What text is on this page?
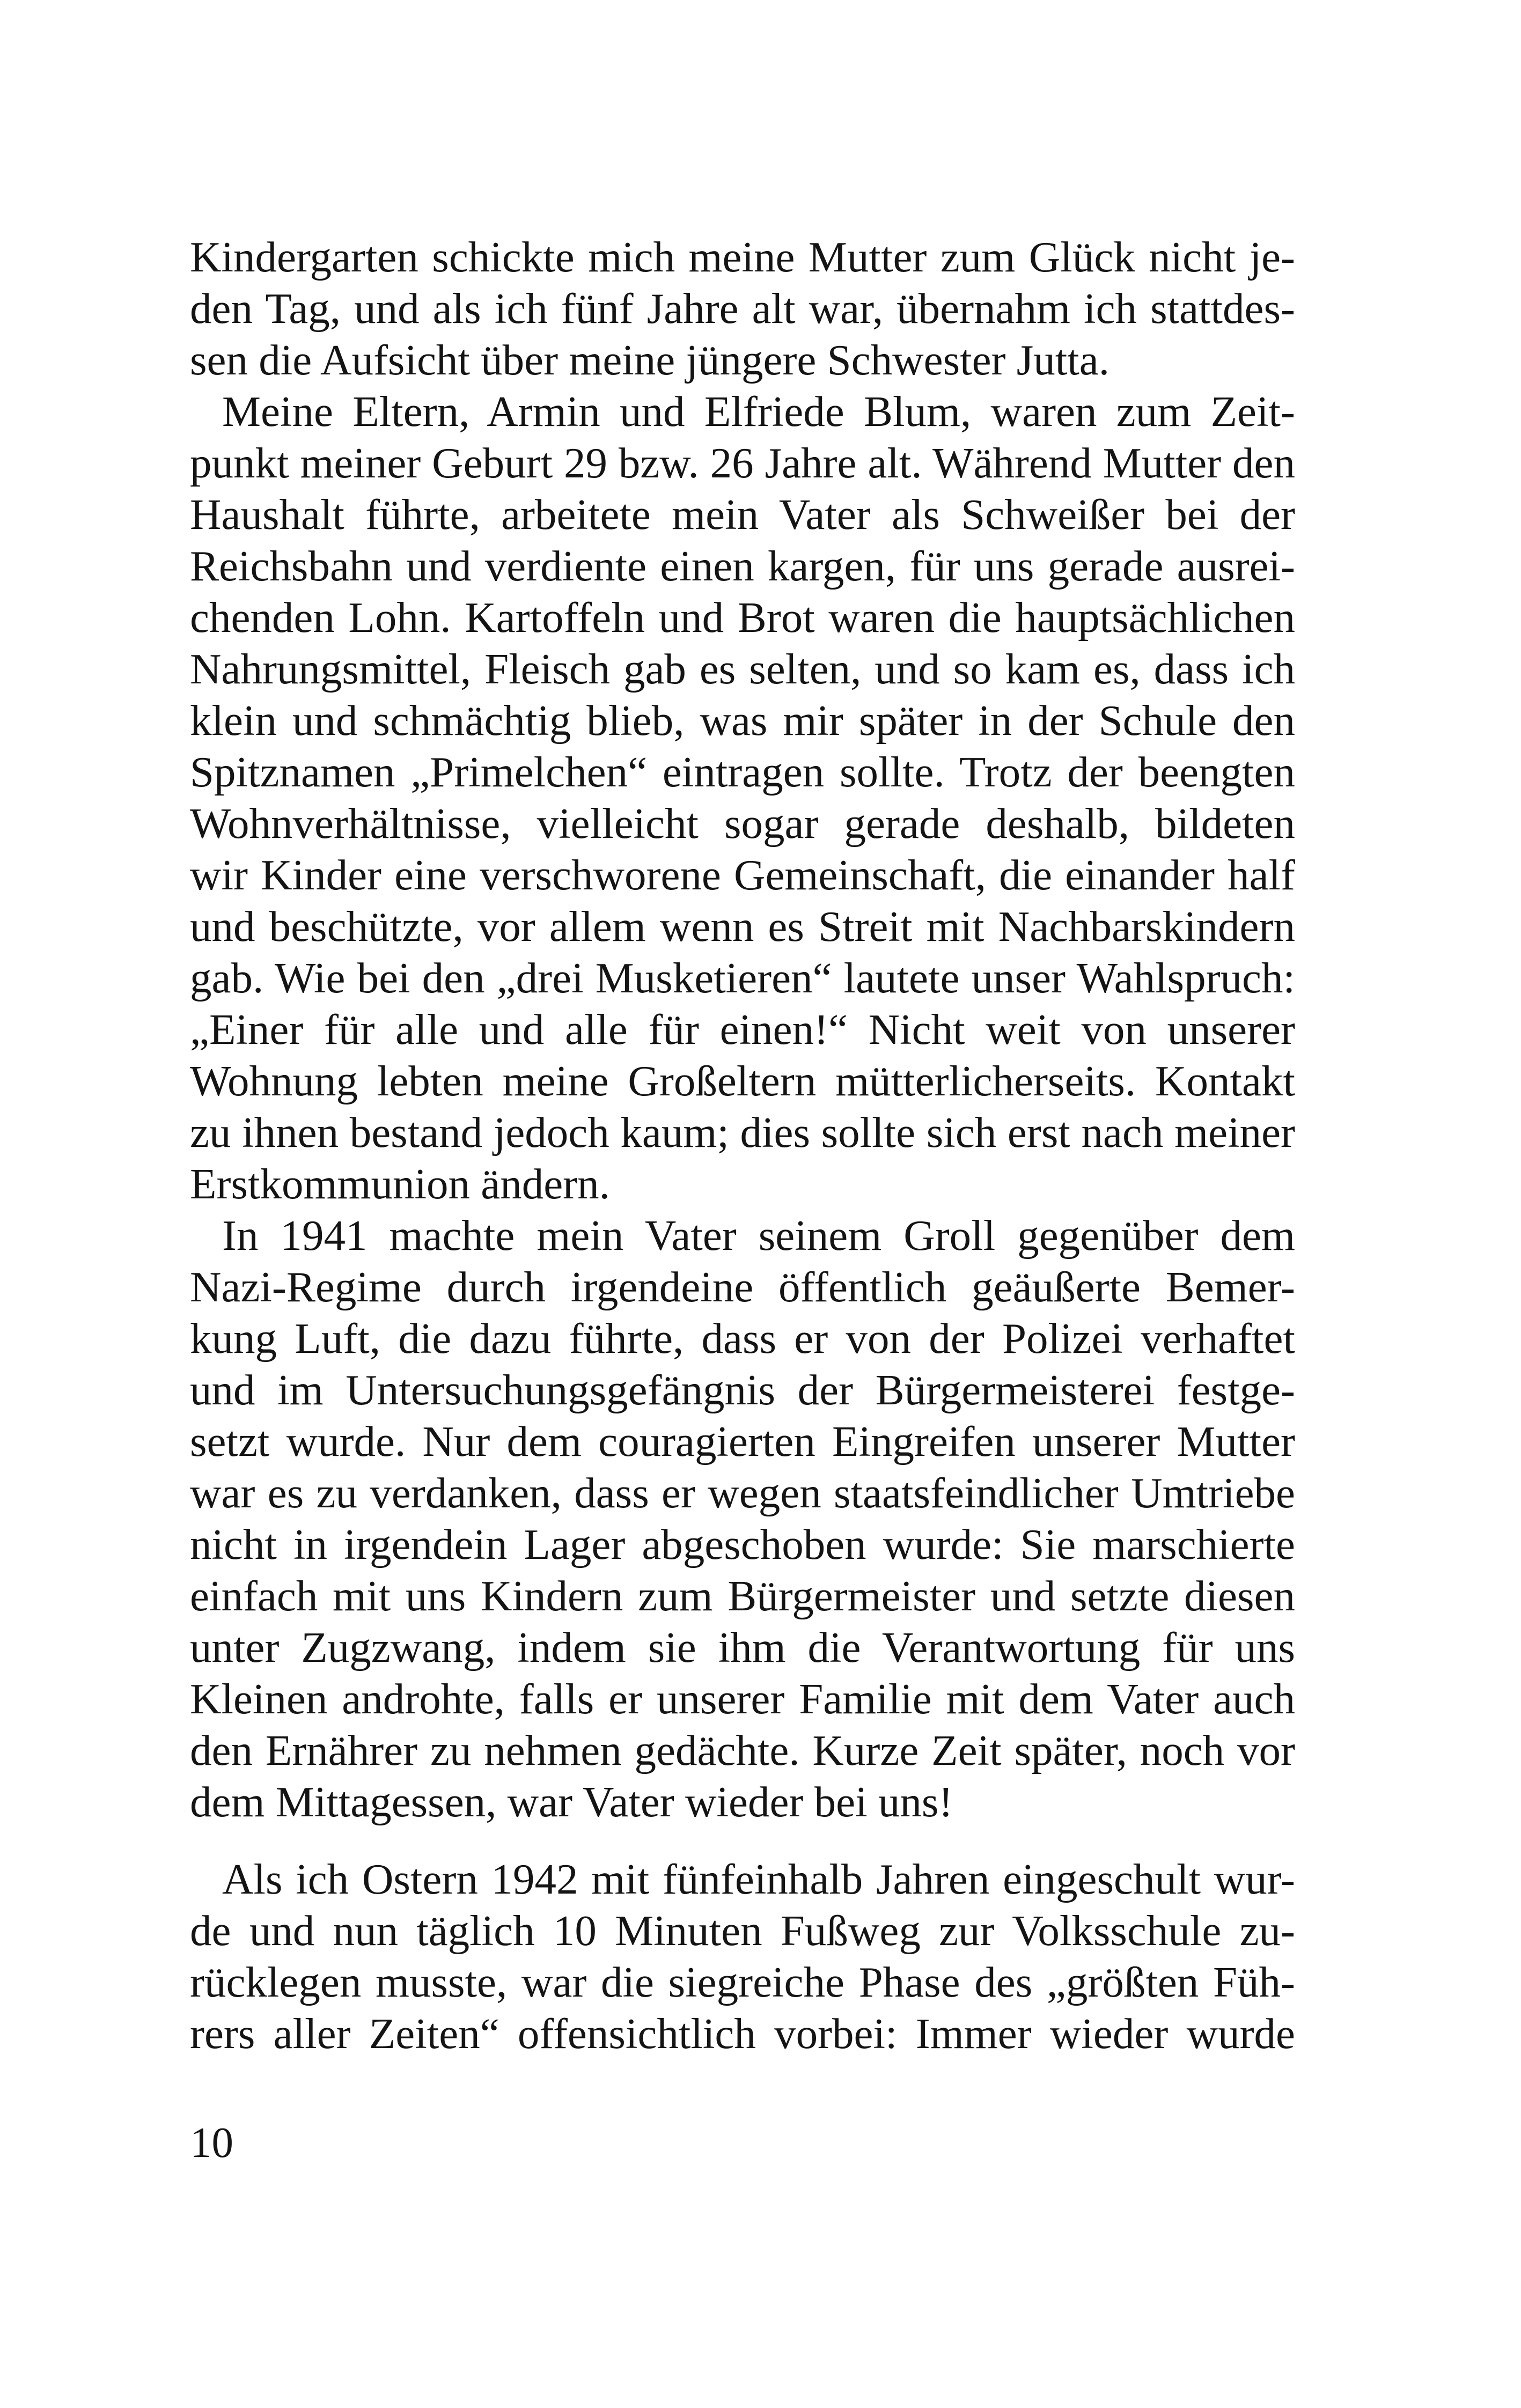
Kindergarten schickte mich meine Mutter zum Glück nicht je-
den Tag, und als ich fünf Jahre alt war, übernahm ich stattdes-
sen die Aufsicht über meine jüngere Schwester Jutta.
Meine Eltern, Armin und Elfriede Blum, waren zum Zeit-
punkt meiner Geburt 29 bzw. 26 Jahre alt. Während Mutter den
Haushalt führte, arbeitete mein Vater als Schweißer bei der
Reichsbahn und verdiente einen kargen, für uns gerade ausrei-
chenden Lohn. Kartoffeln und Brot waren die hauptsächlichen
Nahrungsmittel, Fleisch gab es selten, und so kam es, dass ich
klein und schmächtig blieb, was mir später in der Schule den
Spitznamen „Primelchen“ eintragen sollte. Trotz der beengten
Wohnverhältnisse, vielleicht sogar gerade deshalb, bildeten
wir Kinder eine verschworene Gemeinschaft, die einander half
und beschützte, vor allem wenn es Streit mit Nachbarskindern
gab. Wie bei den „drei Musketieren“ lautete unser Wahlspruch:
„Einer für alle und alle für einen!“ Nicht weit von unserer
Wohnung lebten meine Großeltern mütterlicherseits. Kontakt
zu ihnen bestand jedoch kaum; dies sollte sich erst nach meiner
Erstkommunion ändern.
In 1941 machte mein Vater seinem Groll gegenüber dem
Nazi-Regime durch irgendeine öffentlich geäußerte Bemer-
kung Luft, die dazu führte, dass er von der Polizei verhaftet
und im Untersuchungsgefängnis der Bürgermeisterei festge-
setzt wurde. Nur dem couragierten Eingreifen unserer Mutter
war es zu verdanken, dass er wegen staatsfeindlicher Umtriebe
nicht in irgendein Lager abgeschoben wurde: Sie marschierte
einfach mit uns Kindern zum Bürgermeister und setzte diesen
unter Zugzwang, indem sie ihm die Verantwortung für uns
Kleinen androhte, falls er unserer Familie mit dem Vater auch
den Ernährer zu nehmen gedächte. Kurze Zeit später, noch vor
dem Mittagessen, war Vater wieder bei uns!
Als ich Ostern 1942 mit fünfeinhalb Jahren eingeschult wur-
de und nun täglich 10 Minuten Fußweg zur Volksschule zu-
rücklegen musste, war die siegreiche Phase des „größten Füh-
rers aller Zeiten“ offensichtlich vorbei: Immer wieder wurde
10
